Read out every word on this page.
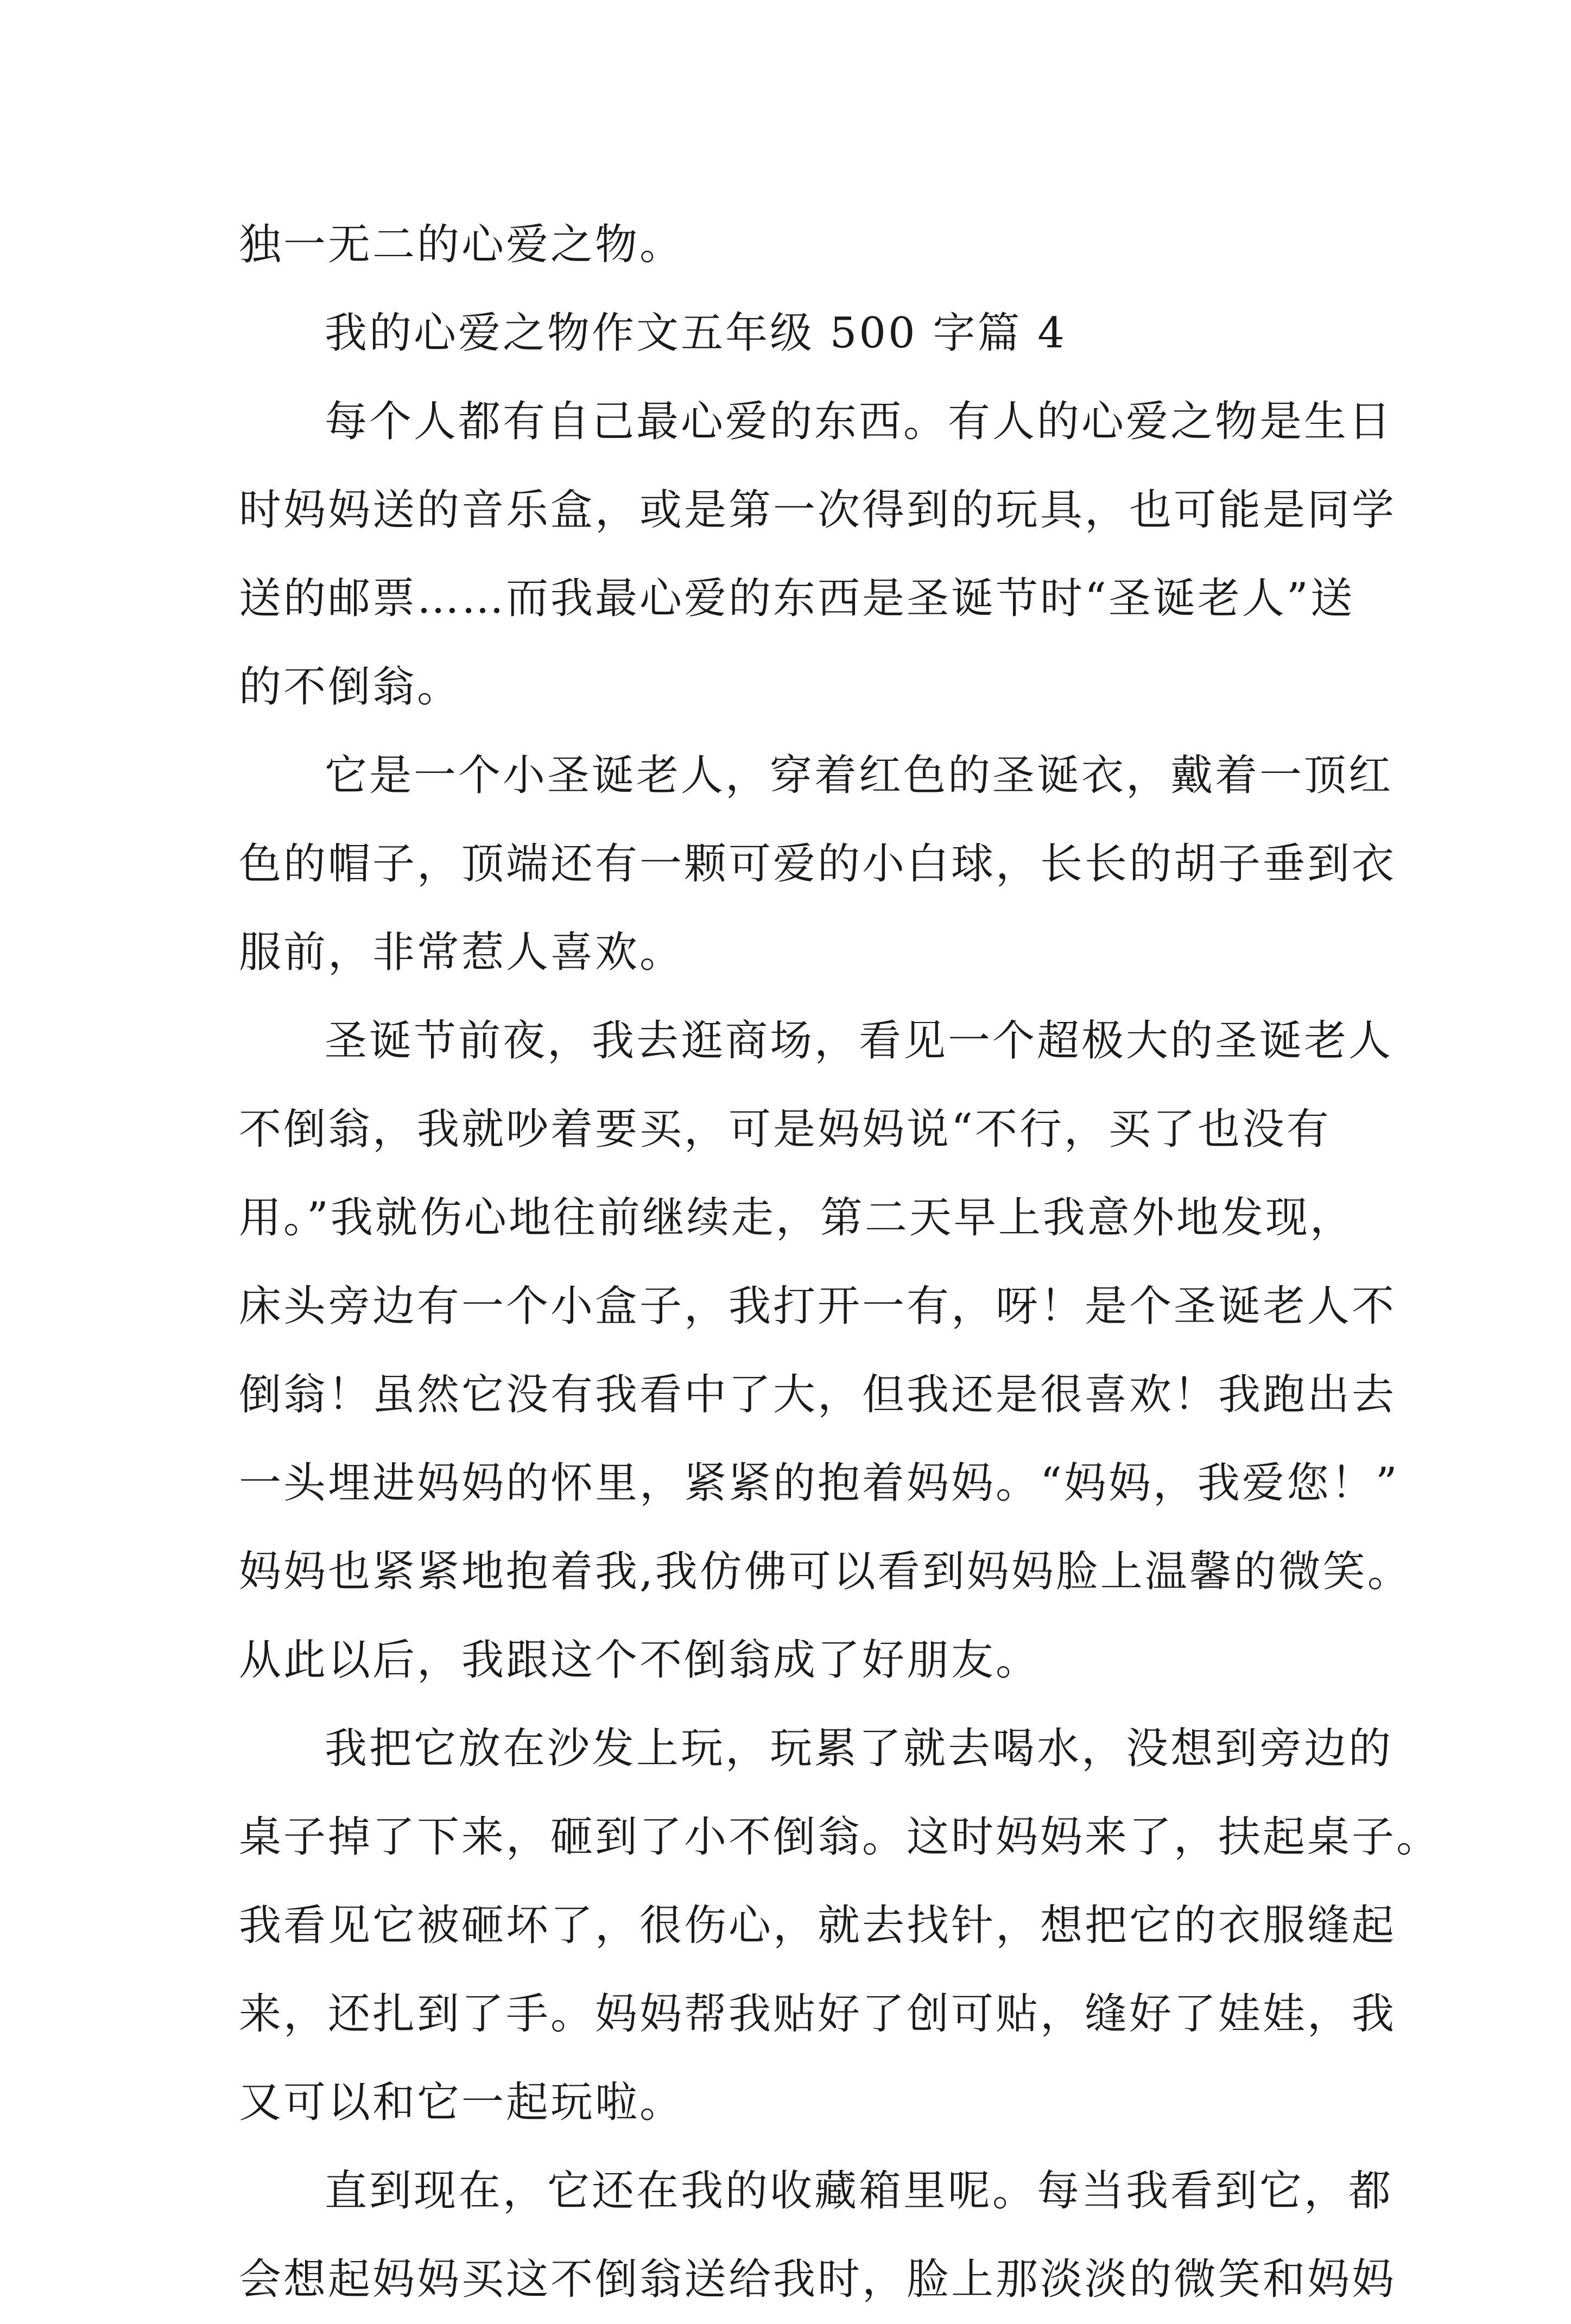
独一无二的心爱之物。
我的心爱之物作文五年级 500 字篇 4
每个人都有自己最心爱的东西。有人的心爱之物是生日
时妈妈送的音乐盒，或是第一次得到的玩具，也可能是同学
送的邮票……而我最心爱的东西是圣诞节时“圣诞老人”送
的不倒翁。
它是一个小圣诞老人，穿着红色的圣诞衣，戴着一顶红
色的帽子，顶端还有一颗可爱的小白球，长长的胡子垂到衣
服前，非常惹人喜欢。
圣诞节前夜，我去逛商场，看见一个超极大的圣诞老人
不倒翁，我就吵着要买，可是妈妈说“不行，买了也没有
用。”我就伤心地往前继续走，第二天早上我意外地发现，
床头旁边有一个小盒子，我打开一有，呀！是个圣诞老人不
倒翁！虽然它没有我看中了大，但我还是很喜欢！我跑出去
一头埋进妈妈的怀里，紧紧的抱着妈妈。“妈妈，我爱您！”
妈妈也紧紧地抱着我,我仿佛可以看到妈妈脸上温馨的微笑。
从此以后，我跟这个不倒翁成了好朋友。
我把它放在沙发上玩，玩累了就去喝水，没想到旁边的
桌子掉了下来，砸到了小不倒翁。这时妈妈来了，扶起桌子。
我看见它被砸坏了，很伤心，就去找针，想把它的衣服缝起
来，还扎到了手。妈妈帮我贴好了创可贴，缝好了娃娃，我
又可以和它一起玩啦。
直到现在，它还在我的收藏箱里呢。每当我看到它，都
会想起妈妈买这不倒翁送给我时，脸上那淡淡的微笑和妈妈
